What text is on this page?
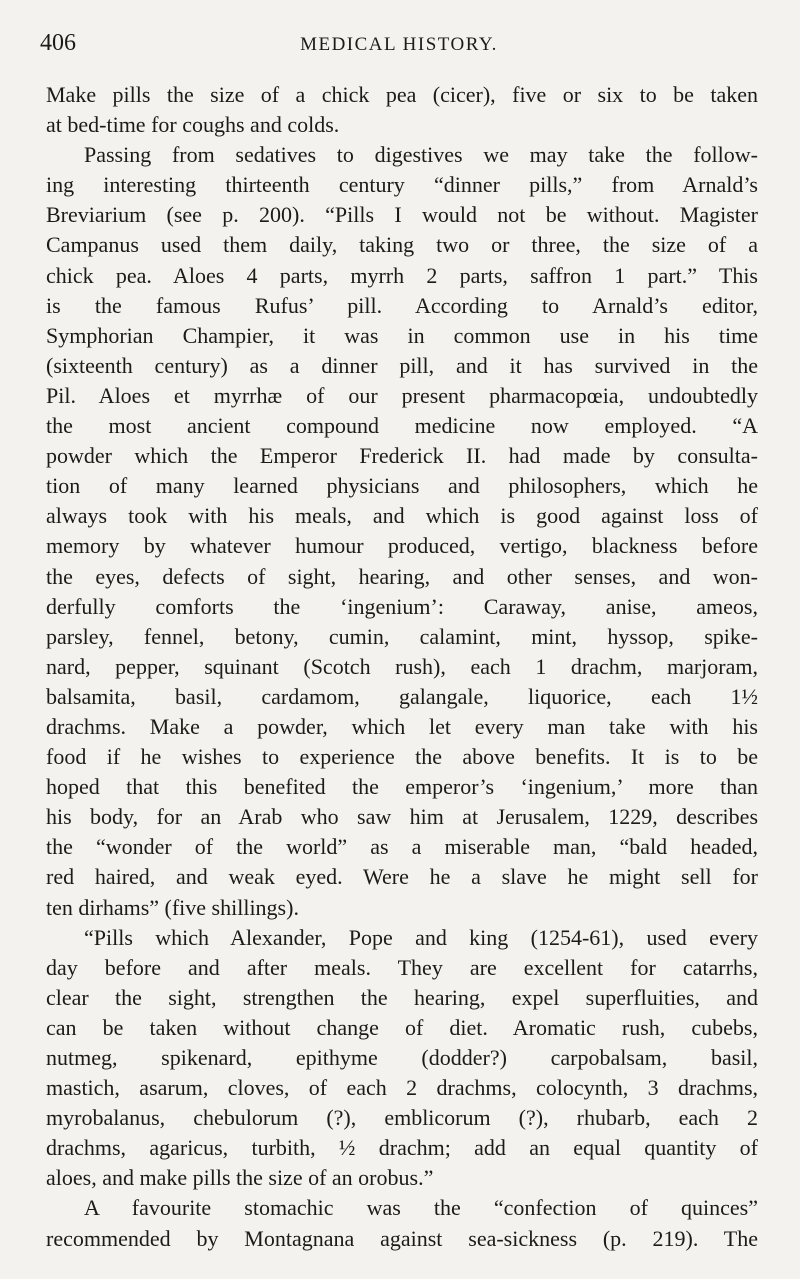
406	MEDICAL HISTORY.
Make pills the size of a chick pea (cicer), five or six to be taken
at bed-time for coughs and colds.
Passing from sedatives to digestives we may take the follow-
ing interesting thirteenth century “dinner pills,” from Arnald’s
Breviarium (see p. 200). “Pills I would not be without. Magister
Campanus used them daily, taking two or three, the size of a
chick pea. Aloes 4 parts, myrrh 2 parts, saffron 1 part.” This
is the famous Rufus’ pill. According to Arnald’s editor,
Symphorian Champier, it was in common use in his time
(sixteenth century) as a dinner pill, and it has survived in the
Pil. Aloes et myrrhæ of our present pharmacopœia, undoubtedly
the most ancient compound medicine now employed. “A
powder which the Emperor Frederick II. had made by consulta-
tion of many learned physicians and philosophers, which he
always took with his meals, and which is good against loss of
memory by whatever humour produced, vertigo, blackness before
the eyes, defects of sight, hearing, and other senses, and won-
derfully comforts the ‘ingenium’: Caraway, anise, ameos,
parsley, fennel, betony, cumin, calamint, mint, hyssop, spike-
nard, pepper, squinant (Scotch rush), each 1 drachm, marjoram,
balsamita, basil, cardamom, galangale, liquorice, each 1½
drachms. Make a powder, which let every man take with his
food if he wishes to experience the above benefits. It is to be
hoped that this benefited the emperor’s ‘ingenium,’ more than
his body, for an Arab who saw him at Jerusalem, 1229, describes
the “wonder of the world” as a miserable man, “bald headed,
red haired, and weak eyed. Were he a slave he might sell for
ten dirhams” (five shillings).
“Pills which Alexander, Pope and king (1254-61), used every
day before and after meals. They are excellent for catarrhs,
clear the sight, strengthen the hearing, expel superfluities, and
can be taken without change of diet. Aromatic rush, cubebs,
nutmeg, spikenard, epithyme (dodder?) carpobalsam, basil,
mastich, asarum, cloves, of each 2 drachms, colocynth, 3 drachms,
myrobalanus, chebulorum (?), emblicorum (?), rhubarb, each 2
drachms, agaricus, turbith, ½ drachm; add an equal quantity of
aloes, and make pills the size of an orobus.”
A favourite stomachic was the “confection of quinces”
recommended by Montagnana against sea-sickness (p. 219). The
